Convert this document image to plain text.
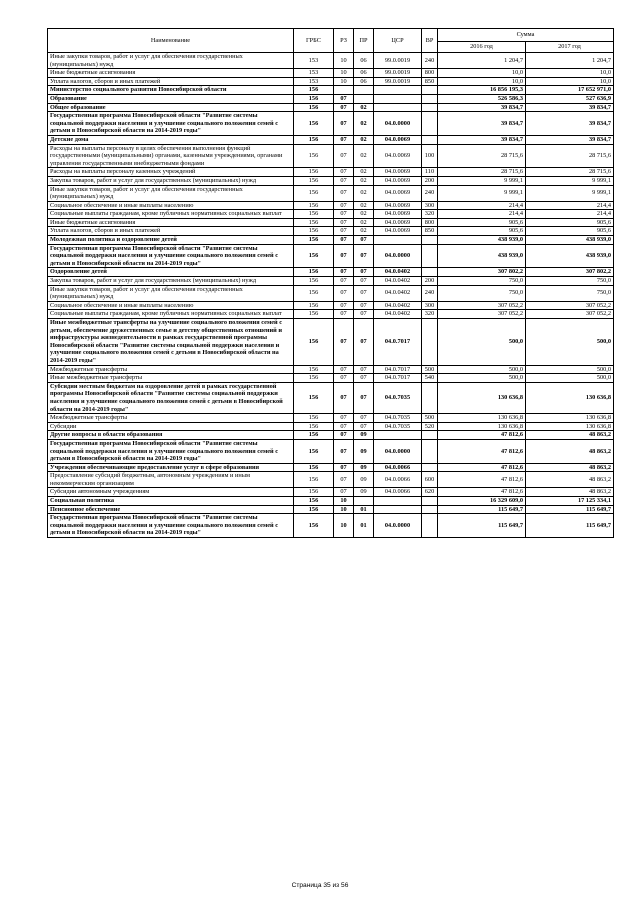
Наименование	ГРБС	РЗ	ПР	ЦСР	ВР	Сумма	
						2016 год	2017 год
Иные закупки товаров, работ и услуг для обеспечения государственных (муниципальных) нужд	153	10	06	99.0.0019	240	1 204,7	1 204,7
Иные бюджетные ассигнования	153	10	06	99.0.0019	800	10,0	10,0
Уплата налогов, сборов и иных платежей	153	10	06	99.0.0019	850	10,0	10,0
Министерство социального развития Новосибирской области	156					16 856 195,3	17 652 971,0
Образование	156	07				526 586,3	527 636,9
Общее образование	156	07	02			39 834,7	39 834,7
Государственная программа Новосибирской области "Развитие системы социальной поддержки населения и улучшение социального положения семей с детьми в Новосибирской области на 2014-2019 годы"	156	07	02	04.0.0000		39 834,7	39 834,7
Детские дома	156	07	02	04.0.0069		39 834,7	39 834,7
Расходы на выплаты персоналу в целях обеспечения выполнения функций государственными (муниципальными) органами, казенными учреждениями, органами управления государственными внебюджетными фондами	156	07	02	04.0.0069	100	28 715,6	28 715,6
Расходы на выплаты персоналу казенных учреждений	156	07	02	04.0.0069	110	28 715,6	28 715,6
Закупка товаров, работ и услуг для государственных (муниципальных) нужд	156	07	02	04.0.0069	200	9 999,1	9 999,1
Иные закупки товаров, работ и услуг для обеспечения государственных (муниципальных) нужд	156	07	02	04.0.0069	240	9 999,1	9 999,1
Социальное обеспечение и иные выплаты населению	156	07	02	04.0.0069	300	214,4	214,4
Социальные выплаты гражданам, кроме публичных нормативных социальных выплат	156	07	02	04.0.0069	320	214,4	214,4
Иные бюджетные ассигнования	156	07	02	04.0.0069	800	905,6	905,6
Уплата налогов, сборов и иных платежей	156	07	02	04.0.0069	850	905,6	905,6
Молодежная политика и оздоровление детей	156	07	07			438 939,0	438 939,0
Государственная программа Новосибирской области "Развитие системы социальной поддержки населения и улучшение социального положения семей с детьми в Новосибирской области на 2014-2019 годы"	156	07	07	04.0.0000		438 939,0	438 939,0
Оздоровление детей	156	07	07	04.0.0402		307 802,2	307 802,2
Закупка товаров, работ и услуг для государственных (муниципальных) нужд	156	07	07	04.0.0402	200	750,0	750,0
Иные закупки товаров, работ и услуг для обеспечения государственных (муниципальных) нужд	156	07	07	04.0.0402	240	750,0	750,0
Социальное обеспечение и иные выплаты населению	156	07	07	04.0.0402	300	307 052,2	307 052,2
Социальные выплаты гражданам, кроме публичных нормативных социальных выплат	156	07	07	04.0.0402	320	307 052,2	307 052,2
Иные межбюджетные трансферты на улучшение социального положения семей с детьми, обеспечение дружественных семье и детству общественных отношений и инфраструктуры жизнедеятельности в рамках государственной программы Новосибирской области "Развитие системы социальной поддержки населения и улучшение социального положения семей с детьми в Новосибирской области на 2014-2019 годы"	156	07	07	04.0.7017		500,0	500,0
Межбюджетные трансферты	156	07	07	04.0.7017	500	500,0	500,0
Иные межбюджетные трансферты	156	07	07	04.0.7017	540	500,0	500,0
Субсидии местным бюджетам на оздоровление детей в рамках государственной программы Новосибирской области "Развитие системы социальной поддержки населения и улучшение социального положения семей с детьми в Новосибирской области на 2014-2019 годы"	156	07	07	04.0.7035		130 636,8	130 636,8
Межбюджетные трансферты	156	07	07	04.0.7035	500	130 636,8	130 636,8
Субсидии	156	07	07	04.0.7035	520	130 636,8	130 636,8
Другие вопросы в области образования	156	07	09			47 812,6	48 863,2
Государственная программа Новосибирской области "Развитие системы социальной поддержки населения и улучшение социального положения семей с детьми в Новосибирской области на 2014-2019 годы"	156	07	09	04.0.0000		47 812,6	48 863,2
Учреждения обеспечивающие предоставление услуг в сфере образования	156	07	09	04.0.0066		47 812,6	48 863,2
Предоставление субсидий бюджетным, автономным учреждениям и иным некоммерческим организациям	156	07	09	04.0.0066	600	47 812,6	48 863,2
Субсидии автономным учреждениям	156	07	09	04.0.0066	620	47 812,6	48 863,2
Социальная политика	156	10				16 329 609,0	17 125 334,1
Пенсионное обеспечение	156	10	01			115 649,7	115 649,7
Государственная программа Новосибирской области "Развитие системы социальной поддержки населения и улучшение социального положения семей с детьми в Новосибирской области на 2014-2019 годы"	156	10	01	04.0.0000		115 649,7	115 649,7
Страница 35 из 56
